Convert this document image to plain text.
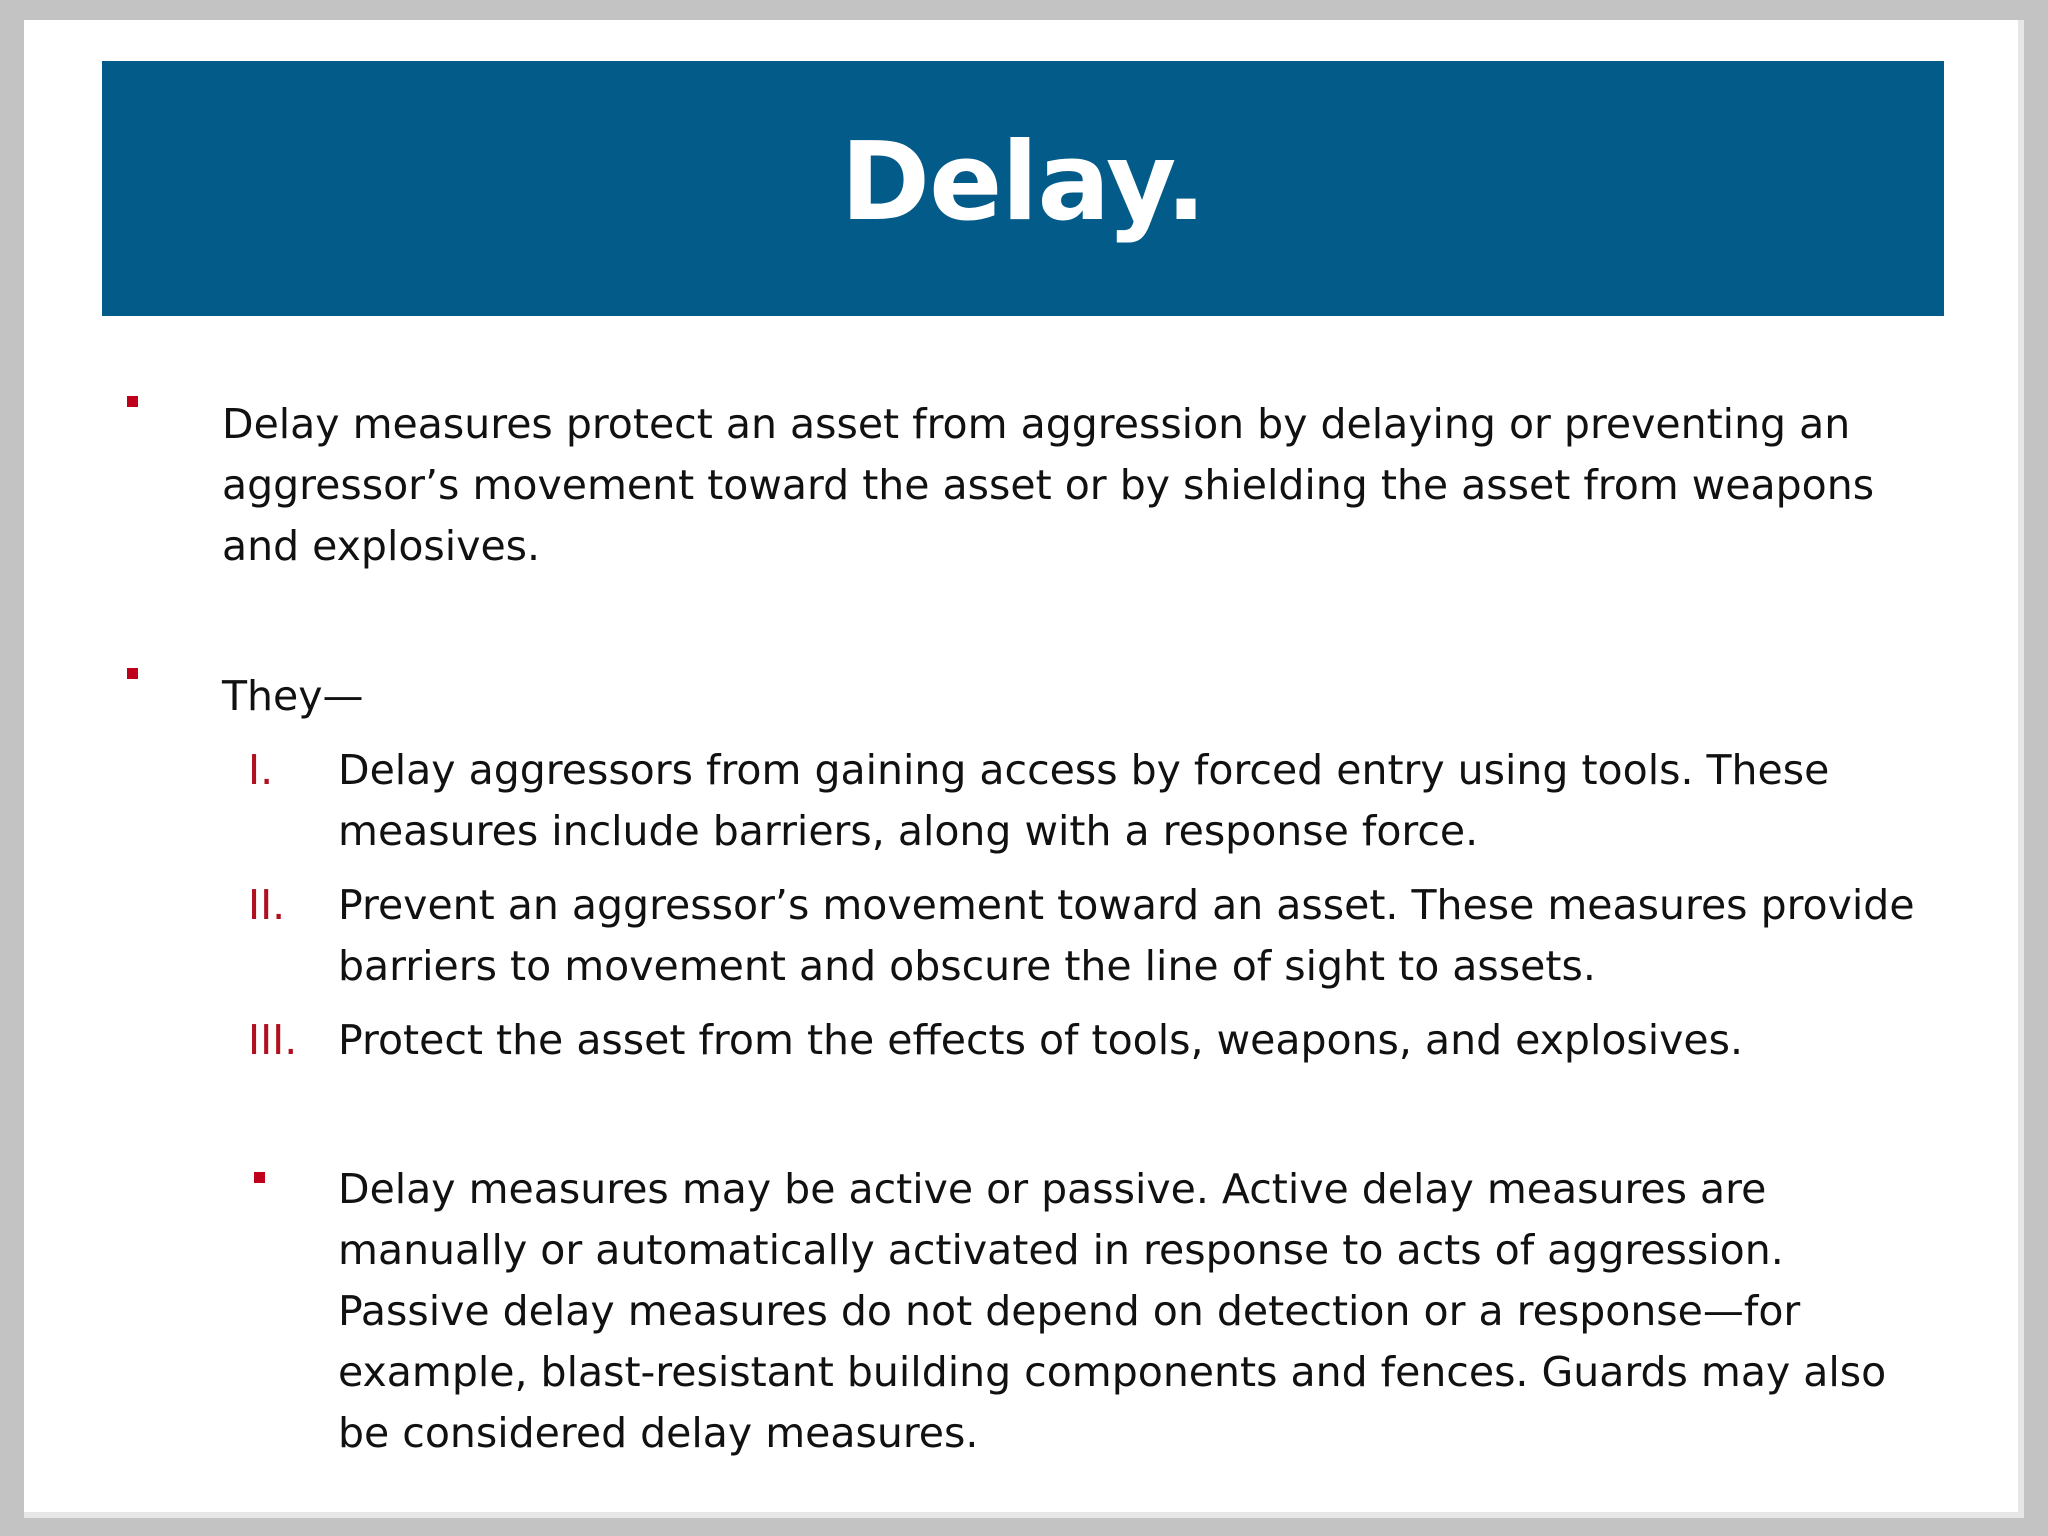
Delay.

Delay measures protect an asset from aggression by delaying or preventing an aggressor’s movement toward the asset or by shielding the asset from weapons and explosives.

They—

I. Delay aggressors from gaining access by forced entry using tools. These measures include barriers, along with a response force.

II. Prevent an aggressor’s movement toward an asset. These measures provide barriers to movement and obscure the line of sight to assets.

III. Protect the asset from the effects of tools, weapons, and explosives.

Delay measures may be active or passive. Active delay measures are manually or automatically activated in response to acts of aggression. Passive delay measures do not depend on detection or a response—for example, blast-resistant building components and fences. Guards may also be considered delay measures.
